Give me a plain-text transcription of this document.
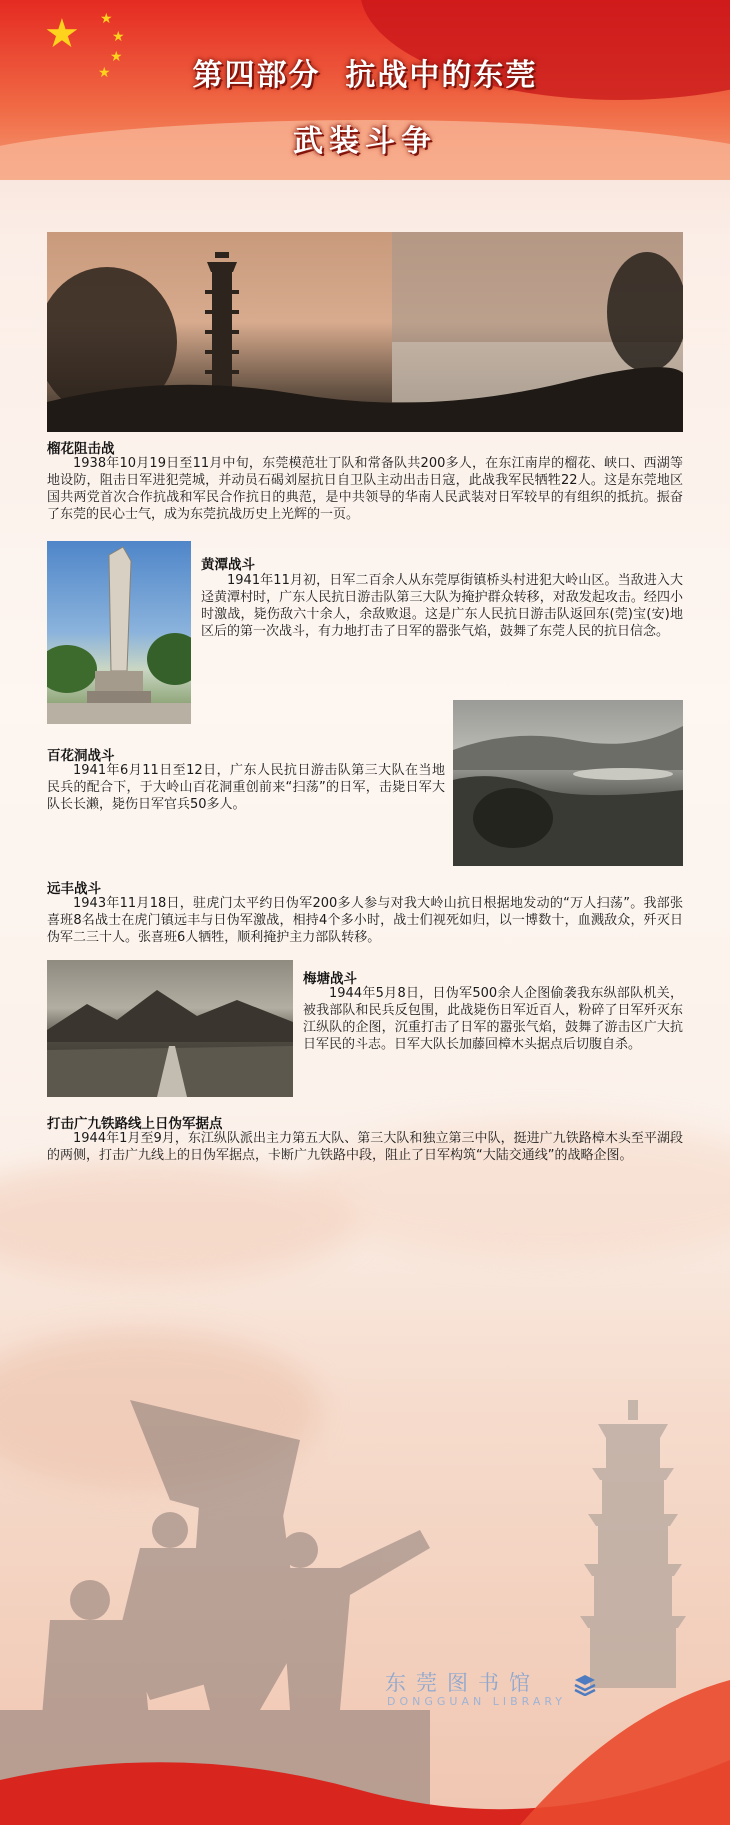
★ ★
★
★
★	第四部分  抗战中的东莞
武装斗争
榴花阻击战
1938年10月19日至11月中旬，东莞模范壮丁队和常备队共200多人，在东江南岸的榴花、峡口、西湖等地设防，阻击日军进犯莞城，并动员石碣刘屋抗日自卫队主动出击日寇，此战我军民牺牲22人。这是东莞地区国共两党首次合作抗战和军民合作抗日的典范，是中共领导的华南人民武装对日军较早的有组织的抵抗。振奋了东莞的民心士气，成为东莞抗战历史上光辉的一页。
黄潭战斗
1941年11月初，日军二百余人从东莞厚街镇桥头村进犯大岭山区。当敌进入大迳黄潭村时，广东人民抗日游击队第三大队为掩护群众转移，对敌发起攻击。经四小时激战，毙伤敌六十余人，余敌败退。这是广东人民抗日游击队返回东(莞)宝(安)地区后的第一次战斗，有力地打击了日军的嚣张气焰，鼓舞了东莞人民的抗日信念。
百花洞战斗
1941年6月11日至12日，广东人民抗日游击队第三大队在当地民兵的配合下，于大岭山百花洞重创前来“扫荡”的日军，击毙日军大队长长濑，毙伤日军官兵50多人。
远丰战斗
1943年11月18日，驻虎门太平约日伪军200多人参与对我大岭山抗日根据地发动的“万人扫荡”。我部张喜班8名战士在虎门镇远丰与日伪军激战，相持4个多小时，战士们视死如归，以一博数十，血溅敌众，歼灭日伪军二三十人。张喜班6人牺牲，顺利掩护主力部队转移。
梅塘战斗
1944年5月8日，日伪军500余人企图偷袭我东纵部队机关，被我部队和民兵反包围，此战毙伤日军近百人，粉碎了日军歼灭东江纵队的企图，沉重打击了日军的嚣张气焰，鼓舞了游击区广大抗日军民的斗志。日军大队长加藤回樟木头据点后切腹自杀。
打击广九铁路线上日伪军据点
1944年1月至9月，东江纵队派出主力第五大队、第三大队和独立第三中队，挺进广九铁路樟木头至平湖段的两侧，打击广九线上的日伪军据点，卡断广九铁路中段，阻止了日军构筑“大陆交通线”的战略企图。
东莞图书馆
DONGGUAN LIBRARY
